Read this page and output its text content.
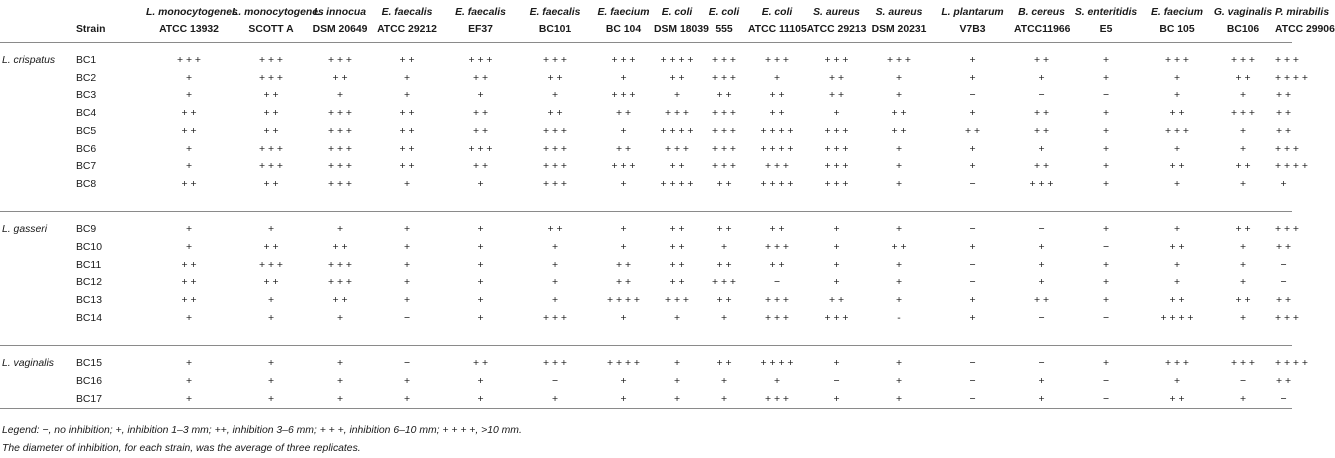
		L. monocytogenes	L. monocytogenes	L. innocua	E. faecalis	E. faecalis	E. faecalis	E. faecium	E. coli	E. coli	E. coli	S. aureus	S. aureus	L. plantarum	B. cereus	S. enteritidis	E. faecium	G. vaginalis	P. mirabilis
	Strain	ATCC 13932	SCOTT A	DSM 20649	ATCC 29212	EF37	BC101	BC 104	DSM 18039	555	ATCC 11105	ATCC 29213	DSM 20231	V7B3	ATCC11966	E5	BC 105	BC106	ATCC 29906
L. crispatus	BC1	+ + +	+ + +	+ + +	+ +	+ + +	+ + +	+ + +	+ + + +	+ + +	+ + +	+ + +	+ + +	+	+ +	+	+ + +	+ + +	+ + +
	BC2	+	+ + +	+ +	+	+ +	+ +	+	+ +	+ + +	+	+ +	+	+	+	+	+	+ +	+ + + +
	BC3	+	+ +	+	+	+	+	+ + +	+	+ +	+ +	+ +	+	−	−	−	+	+	+ +
	BC4	+ +	+ +	+ + +	+ +	+ +	+ +	+ +	+ + +	+ + +	+ +	+	+ +	+	+ +	+	+ +	+ + +	+ +
	BC5	+ +	+ +	+ + +	+ +	+ +	+ + +	+	+ + + +	+ + +	+ + + +	+ + +	+ +	+ +	+ +	+	+ + +	+	+ +
	BC6	+	+ + +	+ + +	+ +	+ + +	+ + +	+ +	+ + +	+ + +	+ + + +	+ + +	+	+	+	+	+	+	+ + +
	BC7	+	+ + +	+ + +	+ +	+ +	+ + +	+ + +	+ +	+ + +	+ + +	+ + +	+	+	+ +	+	+ +	+ +	+ + + +
	BC8	+ +	+ +	+ + +	+	+	+ + +	+	+ + + +	+ +	+ + + +	+ + +	+	−	+ + +	+	+	+	+

L. gasseri	BC9	+	+	+	+	+	+ +	+	+ +	+ +	+ +	+	+	−	−	+	+	+ +	+ + +
	BC10	+	+ +	+ +	+	+	+	+	+ +	+	+ + +	+	+ +	+	+	−	+ +	+	+ +
	BC11	+ +	+ + +	+ + +	+	+	+	+ +	+ +	+ +	+ +	+	+	−	+	+	+	+	−
	BC12	+ +	+ +	+ + +	+	+	+	+ +	+ +	+ + +	−	+	+	−	+	+	+	+	−
	BC13	+ +	+	+ +	+	+	+	+ + + +	+ + +	+ +	+ + +	+ +	+	+	+ +	+	+ +	+ +	+ +
	BC14	+	+	+	−	+	+ + +	+	+	+	+ + +	+ + +	-	+	−	−	+ + + +	+	+ + +

L. vaginalis	BC15	+	+	+	−	+ +	+ + +	+ + + +	+	+ +	+ + + +	+	+	−	−	+	+ + +	+ + +	+ + + +
	BC16	+	+	+	+	+	−	+	+	+	+	−	+	−	+	−	+	−	+ +
	BC17	+	+	+	+	+	+	+	+	+	+ + +	+	+	−	+	−	+ +	+	−
Legend: −, no inhibition; +, inhibition 1–3 mm; ++, inhibition 3–6 mm; + + +, inhibition 6–10 mm; + + + +, >10 mm.
The diameter of inhibition, for each strain, was the average of three replicates.
